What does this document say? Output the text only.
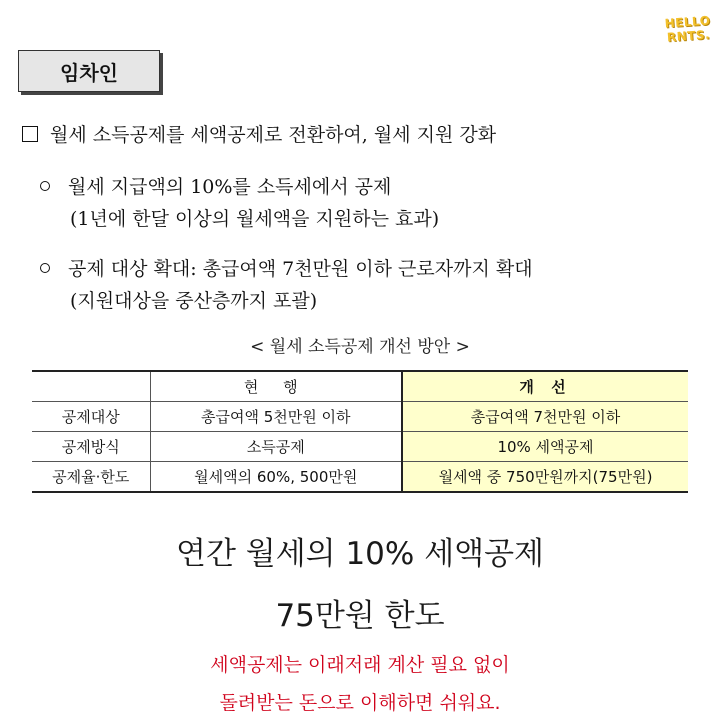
HELLO
RNTS.
임차인
월세 소득공제를 세액공제로 전환하여, 월세 지원 강화
월세 지급액의 10%를 소득세에서 공제
(1년에 한달 이상의 월세액을 지원하는 효과)
공제 대상 확대: 총급여액 7천만원 이하 근로자까지 확대
(지원대상을 중산층까지 포괄)
< 월세 소득공제 개선 방안 >
	현 행	개 선
공제대상	총급여액 5천만원 이하	총급여액 7천만원 이하
공제방식	소득공제	10% 세액공제
공제율·한도	월세액의 60%, 500만원	월세액 중 750만원까지(75만원)
연간 월세의 10% 세액공제
75만원 한도
세액공제는 이래저래 계산 필요 없이
돌려받는 돈으로 이해하면 쉬워요.
